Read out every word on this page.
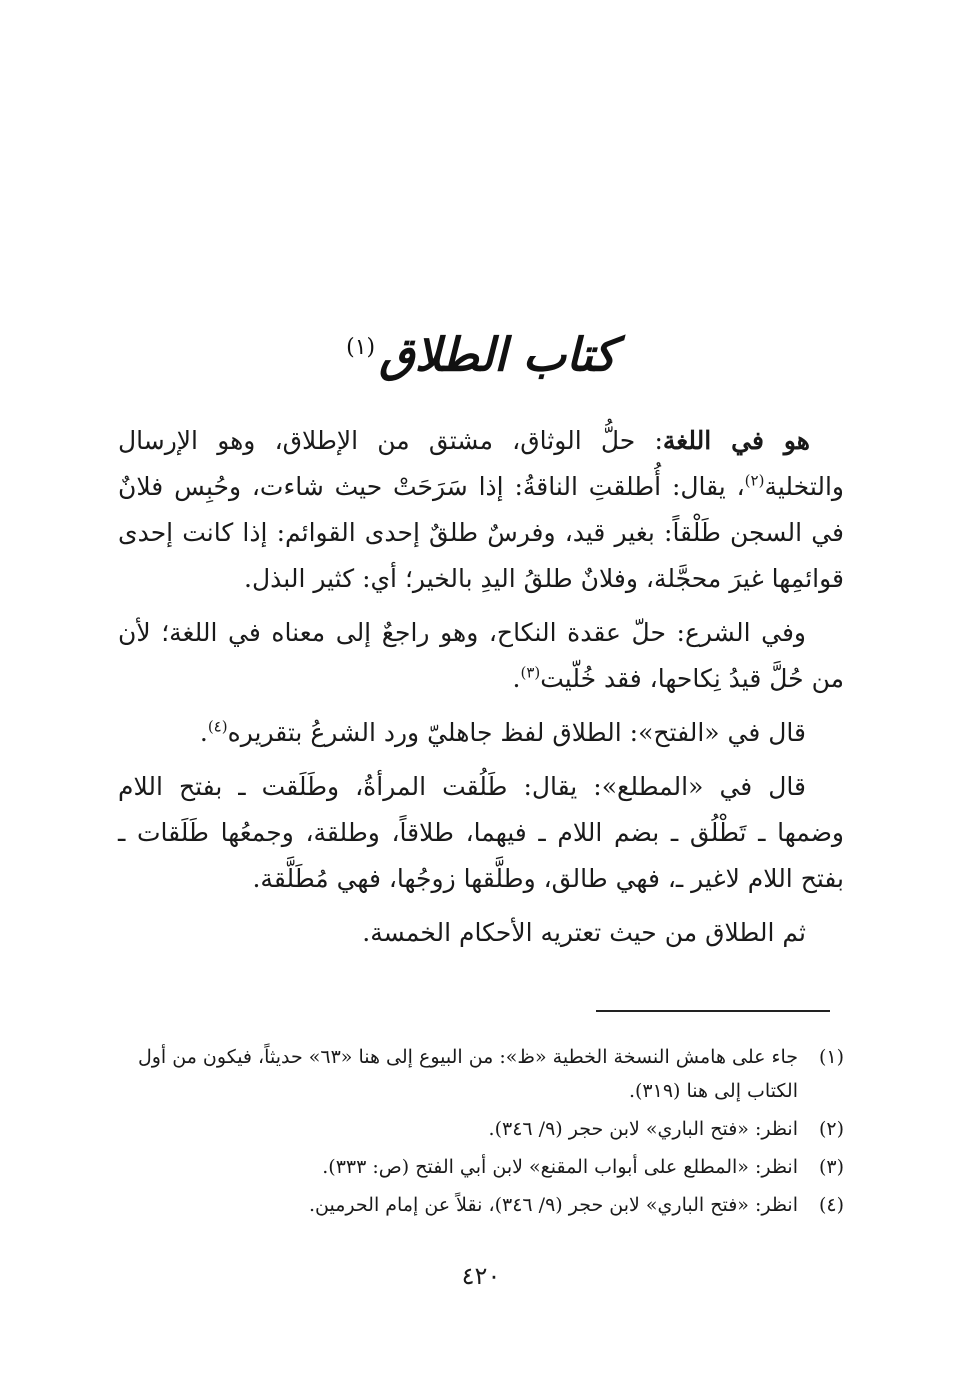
كتاب الطلاق$^{(١)}$

هو في اللغة: حلُّ الوثاق، مشتق من الإطلاق، وهو الإرسال والتخلية$^{(٢)}$، يقال: أُطلقتِ الناقةُ: إذا سَرَحَتْ حيث شاءت، وحُبِس فلانٌ في السجن طَلْقاً: بغير قيد، وفرسٌ طلقٌ إحدى القوائم: إذا كانت إحدى قوائمِها غيرَ محجَّلة، وفلانٌ طلقُ اليدِ بالخير؛ أي: كثير البذل.

وفي الشرع: حلّ عقدة النكاح، وهو راجعٌ إلى معناه في اللغة؛ لأن من حُلَّ قيدُ نِكاحها، فقد خُلّيت$^{(٣)}$.

قال في «الفتح»: الطلاق لفظ جاهليّ ورد الشرعُ بتقريره$^{(٤)}$.

قال في «المطلع»: يقال: طَلُقت المرأةُ، وطَلَقت ـ بفتح اللام وضمها ـ تَطْلُق ـ بضم اللام ـ فيهما، طلاقاً، وطلقة، وجمعُها طَلَقات ـ بفتح اللام لاغير ـ، فهي طالق، وطلَّقها زوجُها، فهي مُطَلَّقة.

ثم الطلاق من حيث تعتريه الأحكام الخمسة.

(١)
جاء على هامش النسخة الخطية «ظ»: من البيوع إلى هنا «٦٣» حديثاً، فيكون من أول الكتاب إلى هنا (٣١٩).
(٢)
انظر: «فتح الباري» لابن حجر (٩/ ٣٤٦).
(٣)
انظر: «المطلع على أبواب المقنع» لابن أبي الفتح (ص: ٣٣٣).
(٤)
انظر: «فتح الباري» لابن حجر (٩/ ٣٤٦)، نقلاً عن إمام الحرمين.
٤٢٠
